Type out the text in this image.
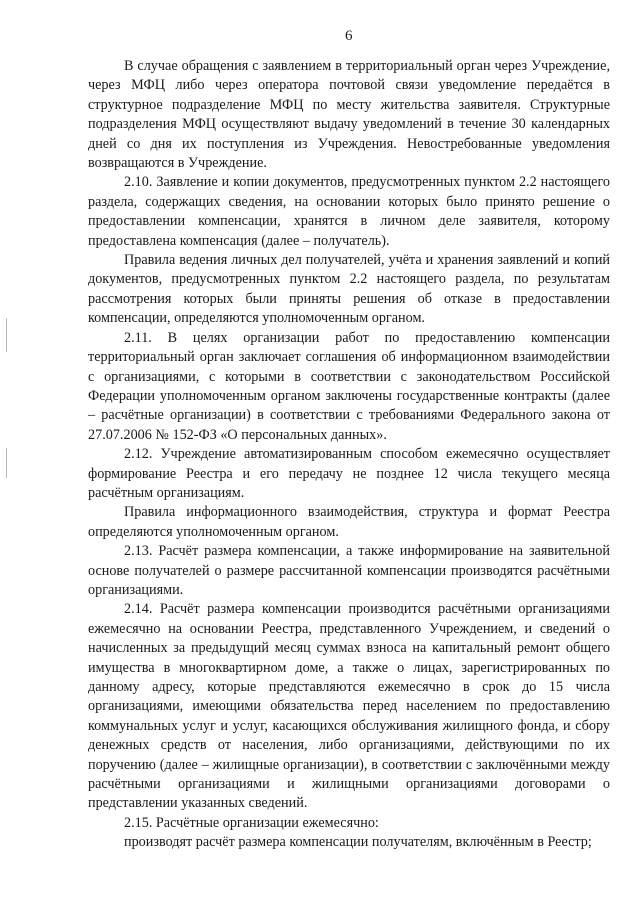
6

В случае обращения с заявлением в территориальный орган через Учреждение, через МФЦ либо через оператора почтовой связи уведомление передаётся в структурное подразделение МФЦ по месту жительства заявителя. Структурные подразделения МФЦ осуществляют выдачу уведомлений в течение 30 календарных дней со дня их поступления из Учреждения. Невостребованные уведомления возвращаются в Учреждение.

2.10. Заявление и копии документов, предусмотренных пунктом 2.2 настоящего раздела, содержащих сведения, на основании которых было принято решение о предоставлении компенсации, хранятся в личном деле заявителя, которому предоставлена компенсация (далее – получатель).

Правила ведения личных дел получателей, учёта и хранения заявлений и копий документов, предусмотренных пунктом 2.2 настоящего раздела, по результатам рассмотрения которых были приняты решения об отказе в предоставлении компенсации, определяются уполномоченным органом.

2.11. В целях организации работ по предоставлению компенсации территориальный орган заключает соглашения об информационном взаимодействии с организациями, с которыми в соответствии с законодательством Российской Федерации уполномоченным органом заключены государственные контракты (далее – расчётные организации) в соответствии с требованиями Федерального закона от 27.07.2006 № 152-ФЗ «О персональных данных».

2.12. Учреждение автоматизированным способом ежемесячно осуществляет формирование Реестра и его передачу не позднее 12 числа текущего месяца расчётным организациям.

Правила информационного взаимодействия, структура и формат Реестра определяются уполномоченным органом.

2.13. Расчёт размера компенсации, а также информирование на заявительной основе получателей о размере рассчитанной компенсации производятся расчётными организациями.

2.14. Расчёт размера компенсации производится расчётными организациями ежемесячно на основании Реестра, представленного Учреждением, и сведений о начисленных за предыдущий месяц суммах взноса на капитальный ремонт общего имущества в многоквартирном доме, а также о лицах, зарегистрированных по данному адресу, которые представляются ежемесячно в срок до 15 числа организациями, имеющими обязательства перед населением по предоставлению коммунальных услуг и услуг, касающихся обслуживания жилищного фонда, и сбору денежных средств от населения, либо организациями, действующими по их поручению (далее – жилищные организации), в соответствии с заключёнными между расчётными организациями и жилищными организациями договорами о представлении указанных сведений.

2.15. Расчётные организации ежемесячно:

производят расчёт размера компенсации получателям, включённым в Реестр;
